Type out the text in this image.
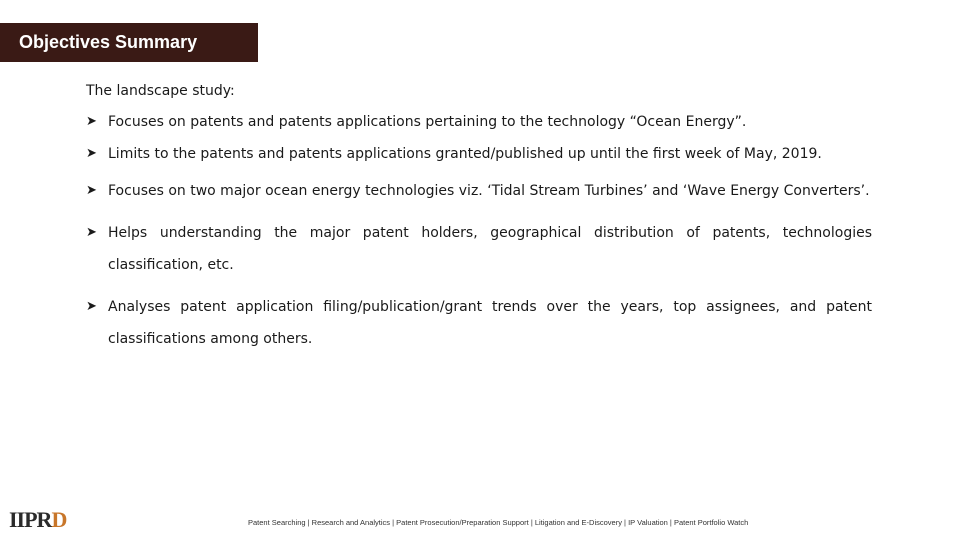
Objectives Summary

The landscape study:

➤ Focuses on patents and patents applications pertaining to the technology “Ocean Energy”.
➤ Limits to the patents and patents applications granted/published up until the first week of May, 2019.
➤ Focuses on two major ocean energy technologies viz. ‘Tidal Stream Turbines’ and ‘Wave Energy Converters’.
➤ Helps understanding the major patent holders, geographical distribution of patents, technologies classification, etc.
➤ Analyses patent application filing/publication/grant trends over the years, top assignees, and patent classifications among others.
IIPRD	Patent Searching | Research and Analytics | Patent Prosecution/Preparation Support | Litigation and E-Discovery | IP Valuation | Patent Portfolio Watch
